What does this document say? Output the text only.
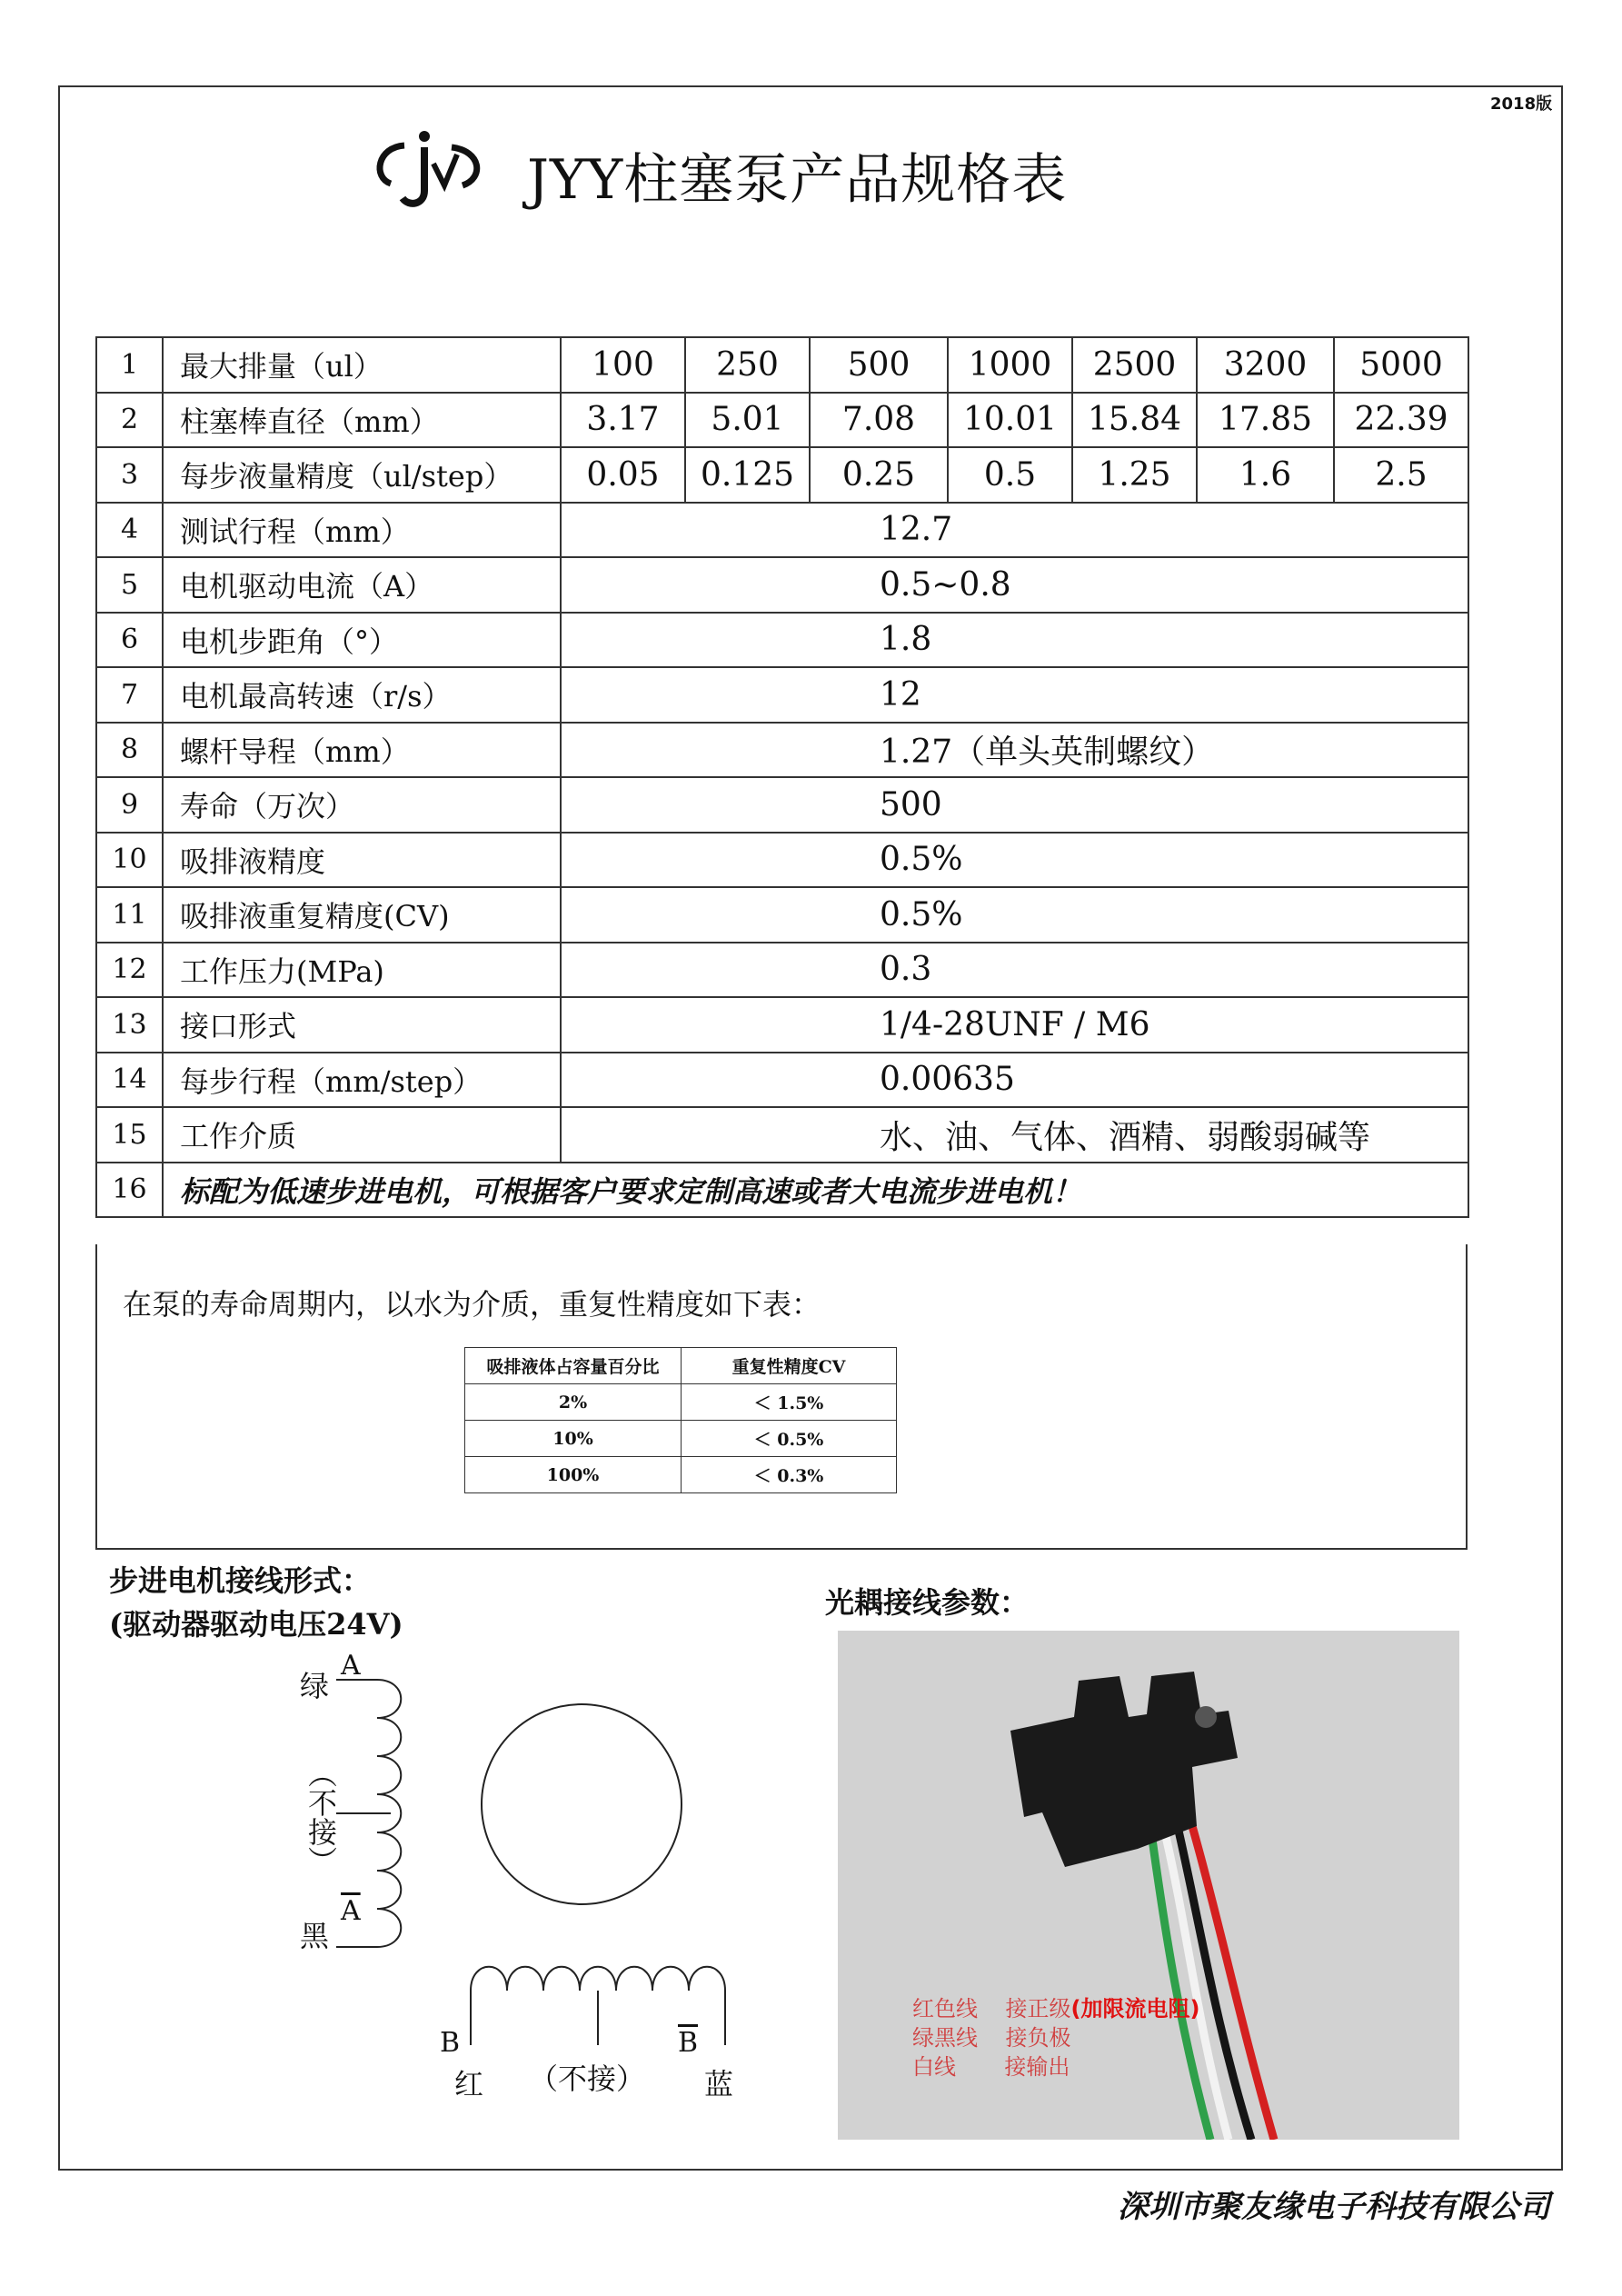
2018版
JYY柱塞泵产品规格表
1	最大排量（ul）	100	250	500	1000	2500	3200	5000
2	柱塞棒直径（mm）	3.17	5.01	7.08	10.01	15.84	17.85	22.39
3	每步液量精度（ul/step）	0.05	0.125	0.25	0.5	1.25	1.6	2.5
4	测试行程（mm）	12.7						
5	电机驱动电流（A）	0.5~0.8						
6	电机步距角（°）	1.8						
7	电机最高转速（r/s）	12						
8	螺杆导程（mm）	1.27（单头英制螺纹）						
9	寿命（万次）	500						
10	吸排液精度	0.5%						
11	吸排液重复精度(CV)	0.5%						
12	工作压力(MPa)	0.3						
13	接口形式	1/4-28UNF / M6						
14	每步行程（mm/step）	0.00635						
15	工作介质	水、油、气体、酒精、弱酸弱碱等						
16	标配为低速步进电机，可根据客户要求定制高速或者大电流步进电机！							
在泵的寿命周期内，以水为介质，重复性精度如下表：
吸排液体占容量百分比	重复性精度CV
2%	＜ 1.5%
10%	＜ 0.5%
100%	＜ 0.3%
步进电机接线形式：
(驱动器驱动电压24V)
绿
A
（不接）
黑
$\overline{A}$
B	$\overline{B}$
红 （不接） 蓝
光耦接线参数：
红色线 接正级(加限流电阻)
绿黑线 接负极
白线 接输出
深圳市聚友缘电子科技有限公司
